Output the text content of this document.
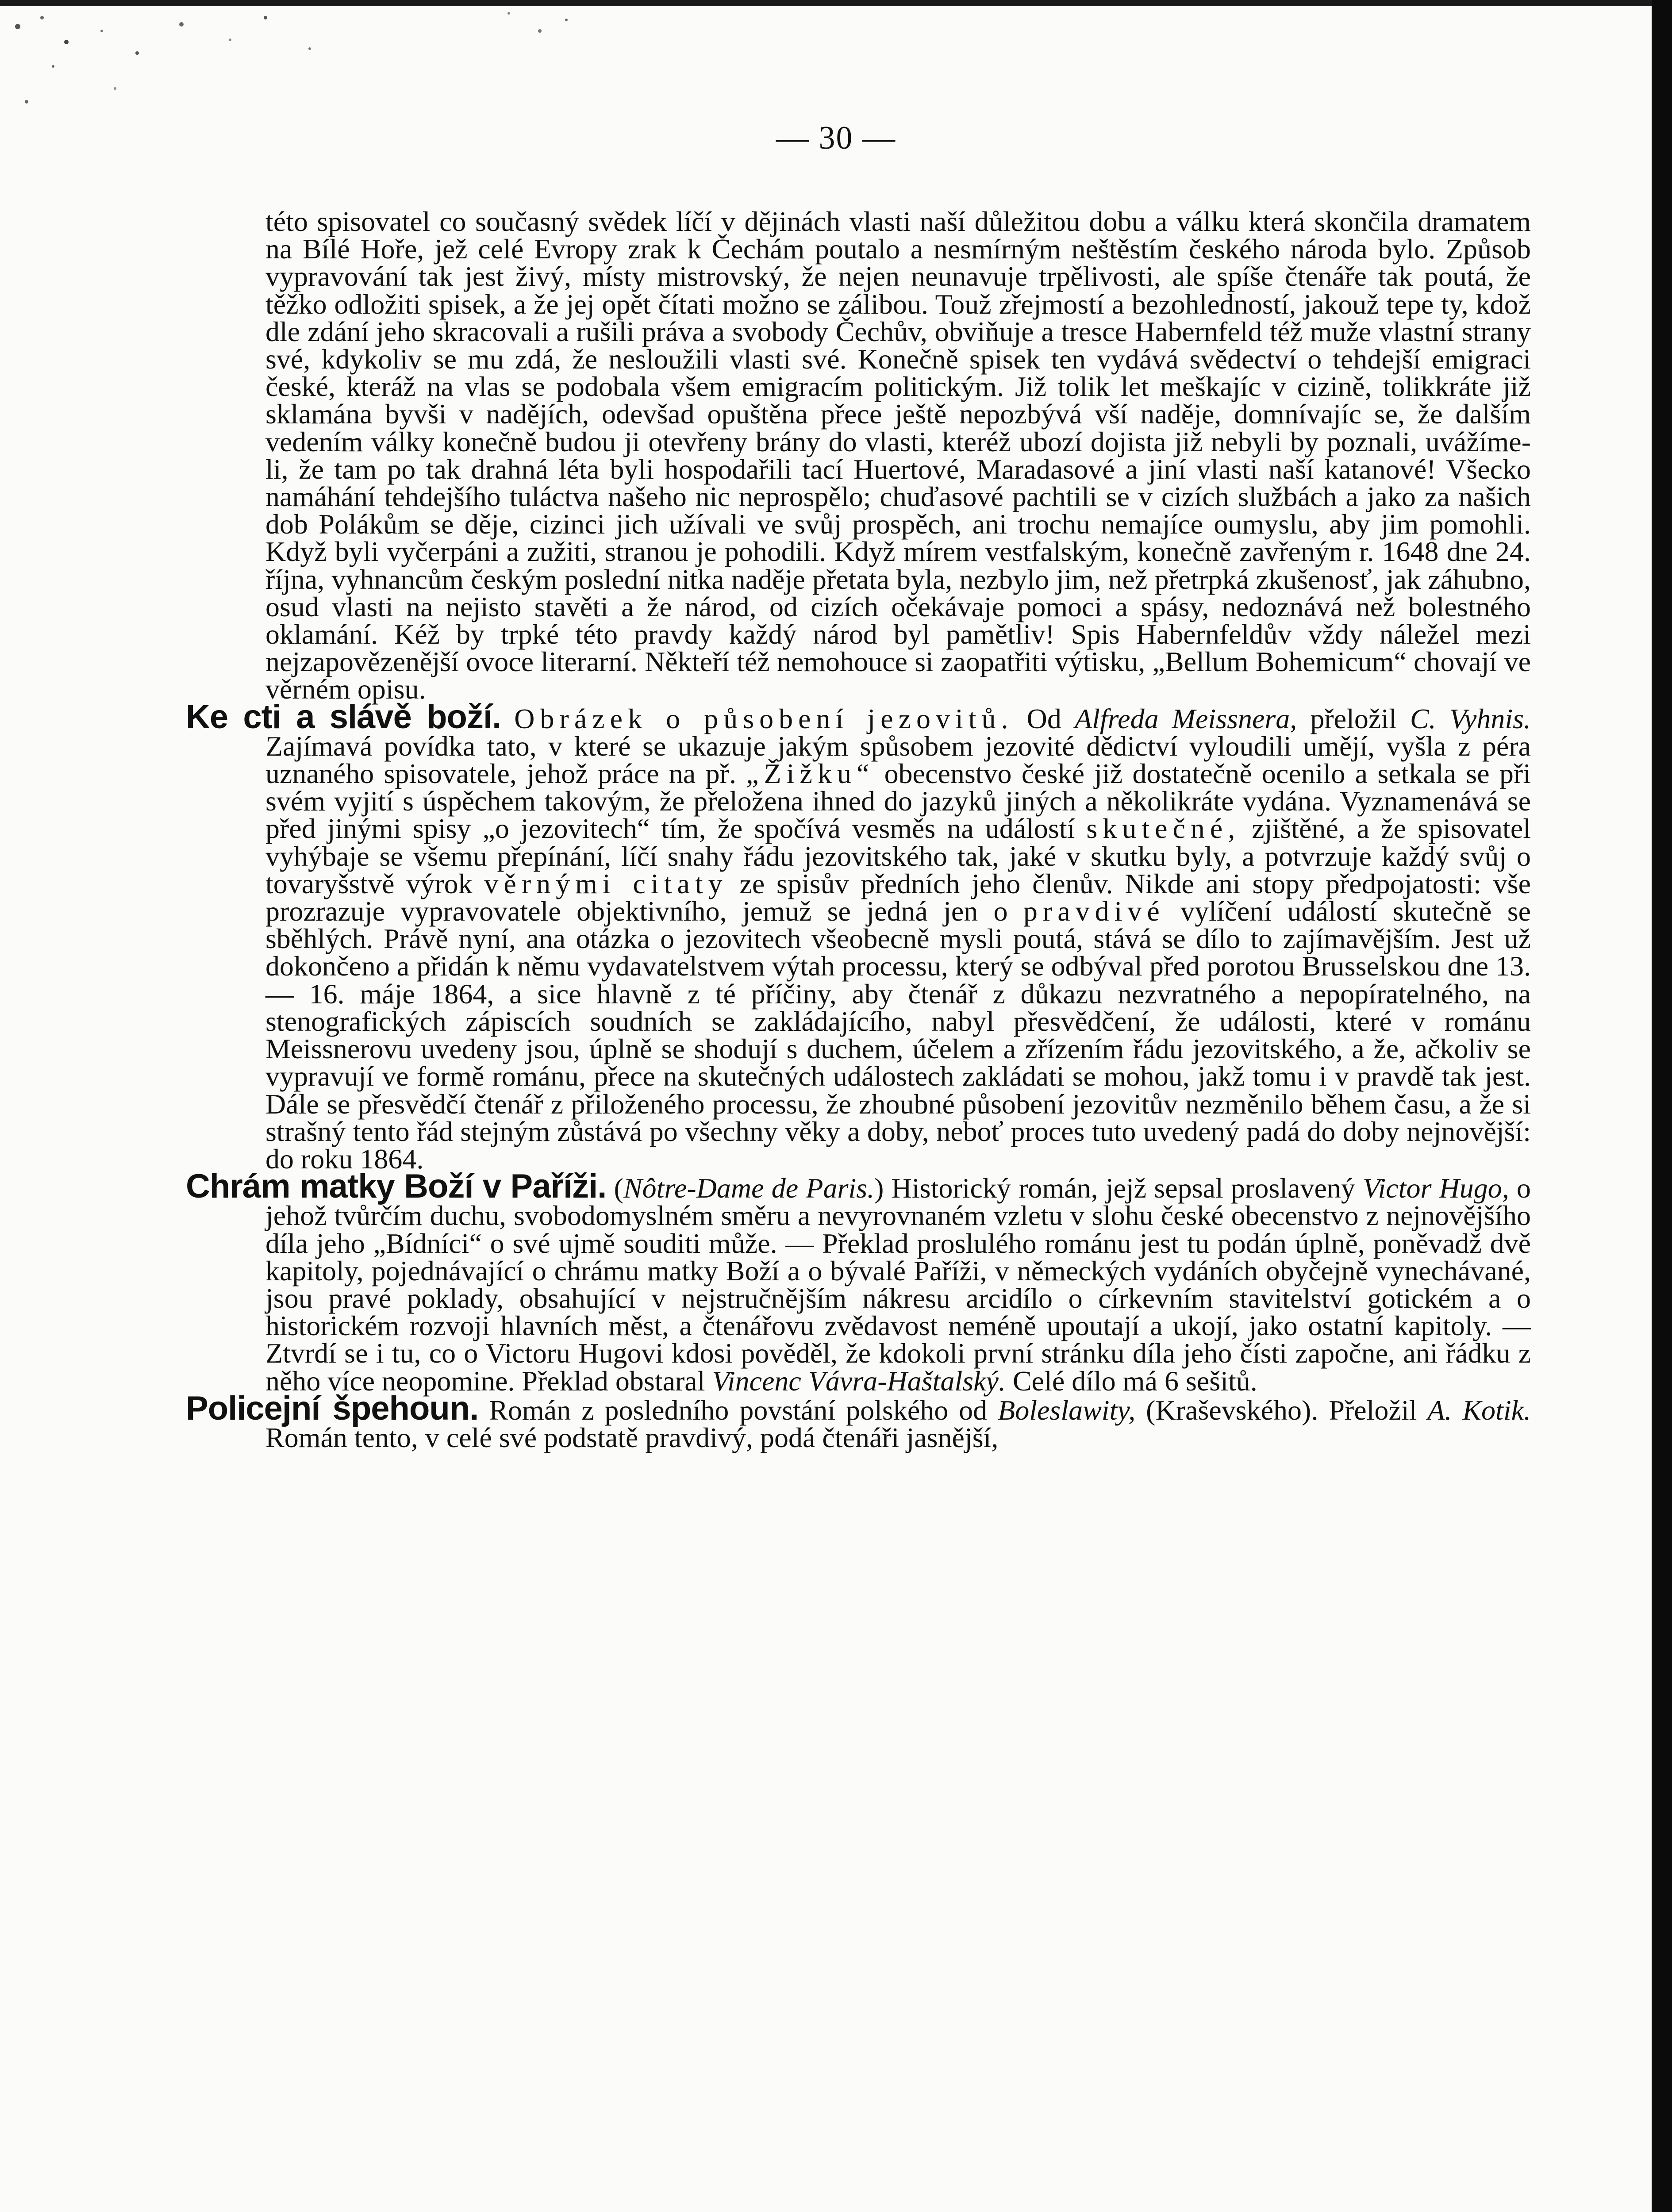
— 30 —

této spisovatel co současný svědek líčí v dějinách vlasti naší důležitou dobu a válku která skončila dramatem na Bílé Hoře, jež celé Evropy zrak k Čechám poutalo a nesmírným neštěstím českého národa bylo. Způsob vypravování tak jest živý, místy mistrovský, že nejen neunavuje trpělivosti, ale spíše čtenáře tak poutá, že těžko odložiti spisek, a že jej opět čítati možno se zálibou. Touž zřejmostí a bezohledností, jakouž tepe ty, kdož dle zdání jeho skracovali a rušili práva a svobody Čechův, obviňuje a tresce Habernfeld též muže vlastní strany své, kdykoliv se mu zdá, že nesloužili vlasti své. Konečně spisek ten vydává svědectví o tehdejší emigraci české, kteráž na vlas se podobala všem emigracím politickým. Již tolik let meškajíc v cizině, tolikkráte již sklamána byvši v nadějích, odevšad opuštěna přece ještě nepozbývá vší naděje, domnívajíc se, že dalším vedením války konečně budou ji otevřeny brány do vlasti, kteréž ubozí dojista již nebyli by poznali, uvážíme-li, že tam po tak drahná léta byli hospodařili tací Huertové, Maradasové a jiní vlasti naší katanové! Všecko namáhání tehdejšího tuláctva našeho nic neprospělo; chuďasové pachtili se v cizích službách a jako za našich dob Polákům se děje, cizinci jich užívali ve svůj prospěch, ani trochu nemajíce oumyslu, aby jim pomohli. Když byli vyčerpáni a zužiti, stranou je pohodili. Když mírem vestfalským, konečně zavřeným r. 1648 dne 24. října, vyhnancům českým poslední nitka naděje přetata byla, nezbylo jim, než přetrpká zkušenosť, jak záhubno, osud vlasti na nejisto stavěti a že národ, od cizích očekávaje pomoci a spásy, nedoznává než bolestného oklamání. Kéž by trpké této pravdy každý národ byl pamětliv! Spis Habernfeldův vždy náležel mezi nejzapovězenější ovoce literarní. Někteří též nemohouce si zaopatřiti výtisku, „Bellum Bohemicum“ chovají ve věrném opisu.

Ke cti a slávě boží. Obrázek o působení jezovitů. Od Alfreda Meissnera, přeložil C. Vyhnis. Zajímavá povídka tato, v které se ukazuje jakým spůsobem jezovité dědictví vyloudili umějí, vyšla z péra uznaného spisovatele, jehož práce na př. „Žižku“ obecenstvo české již dostatečně ocenilo a setkala se při svém vyjití s úspěchem takovým, že přeložena ihned do jazyků jiných a několikráte vydána. Vyznamenává se před jinými spisy „o jezovitech“ tím, že spočívá vesměs na událostí skutečné, zjištěné, a že spisovatel vyhýbaje se všemu přepínání, líčí snahy řádu jezovitského tak, jaké v skutku byly, a potvrzuje každý svůj o tovaryšstvě výrok věrnými citaty ze spisův předních jeho členův. Nikde ani stopy předpojatosti: vše prozrazuje vypravovatele objektivního, jemuž se jedná jen o pravdivé vylíčení událostí skutečně se sběhlých. Právě nyní, ana otázka o jezovitech všeobecně mysli poutá, stává se dílo to zajímavějším. Jest už dokončeno a přidán k němu vydavatelstvem výtah processu, který se odbýval před porotou Brusselskou dne 13. — 16. máje 1864, a sice hlavně z té příčiny, aby čtenář z důkazu nezvratného a nepopíratelného, na stenografických zápiscích soudních se zakládajícího, nabyl přesvědčení, že události, které v románu Meissnerovu uvedeny jsou, úplně se shodují s duchem, účelem a zřízením řádu jezovitského, a že, ačkoliv se vypravují ve formě románu, přece na skutečných událostech zakládati se mohou, jakž tomu i v pravdě tak jest. Dále se přesvědčí čtenář z přiloženého processu, že zhoubné působení jezovitův nezměnilo během času, a že si strašný tento řád stejným zůstává po všechny věky a doby, neboť proces tuto uvedený padá do doby nejnovější: do roku 1864.

Chrám matky Boží v Paříži. (Nôtre-Dame de Paris.) Historický román, jejž sepsal proslavený Victor Hugo, o jehož tvůrčím duchu, svobodomyslném směru a nevyrovnaném vzletu v slohu české obecenstvo z nejnovějšího díla jeho „Bídníci“ o své ujmě souditi může. — Překlad proslulého románu jest tu podán úplně, poněvadž dvě kapitoly, pojednávající o chrámu matky Boží a o bývalé Paříži, v německých vydáních obyčejně vynechávané, jsou pravé poklady, obsahující v nejstručnějším nákresu arcidílo o církevním stavitelství gotickém a o historickém rozvoji hlavních měst, a čtenářovu zvědavost neméně upoutají a ukojí, jako ostatní kapitoly. — Ztvrdí se i tu, co o Victoru Hugovi kdosi pověděl, že kdokoli první stránku díla jeho čísti započne, ani řádku z něho více neopomine. Překlad obstaral Vincenc Vávra-Haštalský. Celé dílo má 6 sešitů.

Policejní špehoun. Román z posledního povstání polského od Boleslawity, (Kraševského). Přeložil A. Kotik. Román tento, v celé své podstatě pravdivý, podá čtenáři jasnější,
